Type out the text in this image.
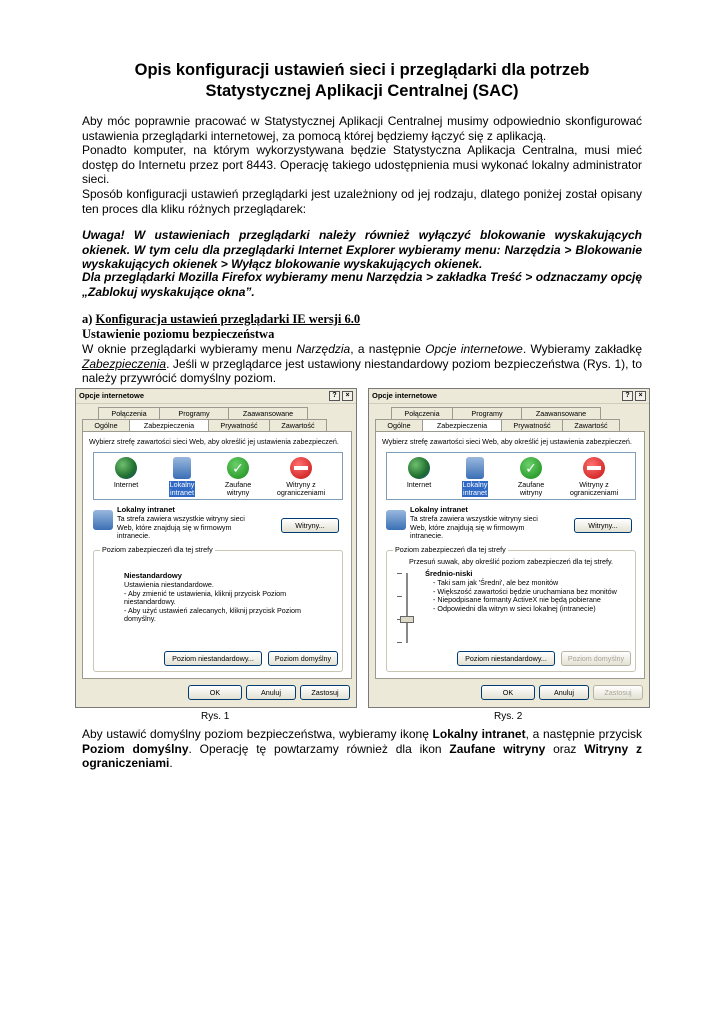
Opis konfiguracji ustawień sieci i przeglądarki dla potrzeb
Statystycznej Aplikacji Centralnej (SAC)
Aby móc poprawnie pracować w Statystycznej Aplikacji Centralnej musimy odpowiednio skonfigurować ustawienia przeglądarki internetowej, za pomocą której będziemy łączyć się z aplikacją.
Ponadto komputer, na którym wykorzystywana będzie Statystyczna Aplikacja Centralna, musi mieć dostęp do Internetu przez port 8443. Operację takiego udostępnienia musi wykonać lokalny administrator sieci.
Sposób konfiguracji ustawień przeglądarki jest uzależniony od jej rodzaju, dlatego poniżej został opisany ten proces dla kliku różnych przeglądarek:
Uwaga! W ustawieniach przeglądarki należy również wyłączyć blokowanie wyskakujących okienek. W tym celu dla przeglądarki Internet Explorer wybieramy menu: Narzędzia > Blokowanie wyskakujących okienek > Wyłącz blokowanie wyskakujących okienek.
Dla przeglądarki Mozilla Firefox wybieramy menu Narzędzia > zakładka Treść > odznaczamy opcję „Zablokuj wyskakujące okna”.
a) Konfiguracja ustawień przeglądarki IE wersji 6.0
Ustawienie poziomu bezpieczeństwa
W oknie przeglądarki wybieramy menu Narzędzia, a następnie Opcje internetowe. Wybieramy zakładkę Zabezpieczenia. Jeśli w przeglądarce jest ustawiony niestandardowy poziom bezpieczeństwa (Rys. 1), to należy przywrócić domyślny poziom.
Opcje internetowe	?	×
Połączenia	Programy	Zaawansowane
Ogólne	Zabezpieczenia	Prywatność	Zawartość
Wybierz strefę zawartości sieci Web, aby określić jej ustawienia zabezpieczeń.
Internet	Lokalny
intranet
✓
Zaufane
witryny
Witryny z
ograniczeniami
Lokalny intranet
Ta strefa zawiera wszystkie witryny sieci Web, które znajdują się w firmowym intranecie.
Witryny...
Poziom zabezpieczeń dla tej strefy
Niestandardowy
Ustawienia niestandardowe.
- Aby zmienić te ustawienia, kliknij przycisk Poziom niestandardowy.
- Aby użyć ustawień zalecanych, kliknij przycisk Poziom domyślny.
Poziom niestandardowy...	Poziom domyślny
OK	Anuluj	Zastosuj
Opcje internetowe	?	×
Połączenia	Programy	Zaawansowane
Ogólne	Zabezpieczenia	Prywatność	Zawartość
Wybierz strefę zawartości sieci Web, aby określić jej ustawienia zabezpieczeń.
Internet	Lokalny
intranet
✓
Zaufane
witryny
Witryny z
ograniczeniami
Lokalny intranet
Ta strefa zawiera wszystkie witryny sieci Web, które znajdują się w firmowym intranecie.
Witryny...
Poziom zabezpieczeń dla tej strefy
Przesuń suwak, aby określić poziom zabezpieczeń dla tej strefy.
Średnio-niski
- Taki sam jak 'Średni', ale bez monitów
- Większość zawartości będzie uruchamiana bez monitów
- Niepodpisane formanty ActiveX nie będą pobierane
- Odpowiedni dla witryn w sieci lokalnej (intranecie)
Poziom niestandardowy...	Poziom domyślny
OK	Anuluj	Zastosuj
Rys. 1	Rys. 2
Aby ustawić domyślny poziom bezpieczeństwa, wybieramy ikonę Lokalny intranet, a następnie przycisk Poziom domyślny. Operację tę powtarzamy również dla ikon Zaufane witryny oraz Witryny z ograniczeniami.
